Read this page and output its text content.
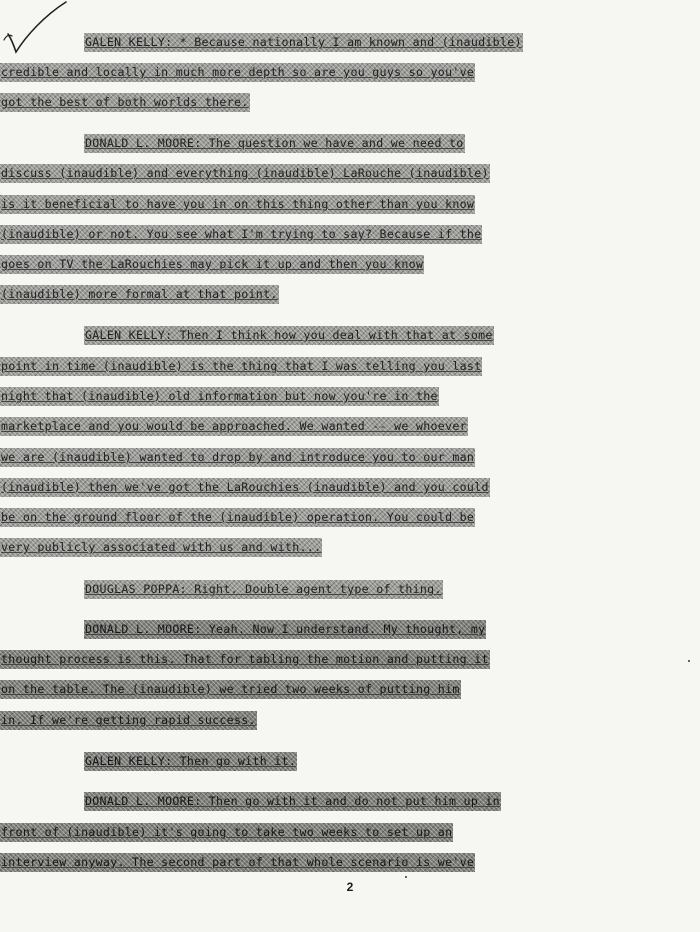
GALEN KELLY: * Because nationally I am known and (inaudible)
credible and locally in much more depth so are you guys so you've
got the best of both worlds there.
DONALD L. MOORE: The question we have and we need to
discuss (inaudible) and everything (inaudible) LaRouche (inaudible)
is it beneficial to have you in on this thing other than you know
(inaudible) or not. You see what I'm trying to say? Because if the
goes on TV the LaRouchies may pick it up and then you know
(inaudible) more formal at that point.
GALEN KELLY: Then I think how you deal with that at some
point in time (inaudible) is the thing that I was telling you last
night that (inaudible) old information but now you're in the
marketplace and you would be approached. We wanted -- we whoever
we are (inaudible) wanted to drop by and introduce you to our man
(inaudible) then we've got the LaRouchies (inaudible) and you could
be on the ground floor of the (inaudible) operation. You could be
very publicly associated with us and with...
DOUGLAS POPPA: Right. Double agent type of thing.
DONALD L. MOORE: Yeah. Now I understand. My thought, my
thought process is this. That for tabling the motion and putting it
on the table. The (inaudible) we tried two weeks of putting him
in. If we're getting rapid success.
GALEN KELLY: Then go with it.
DONALD L. MOORE: Then go with it and do not put him up in
front of (inaudible) it's going to take two weeks to set up an
interview anyway. The second part of that whole scenario is we've
2
